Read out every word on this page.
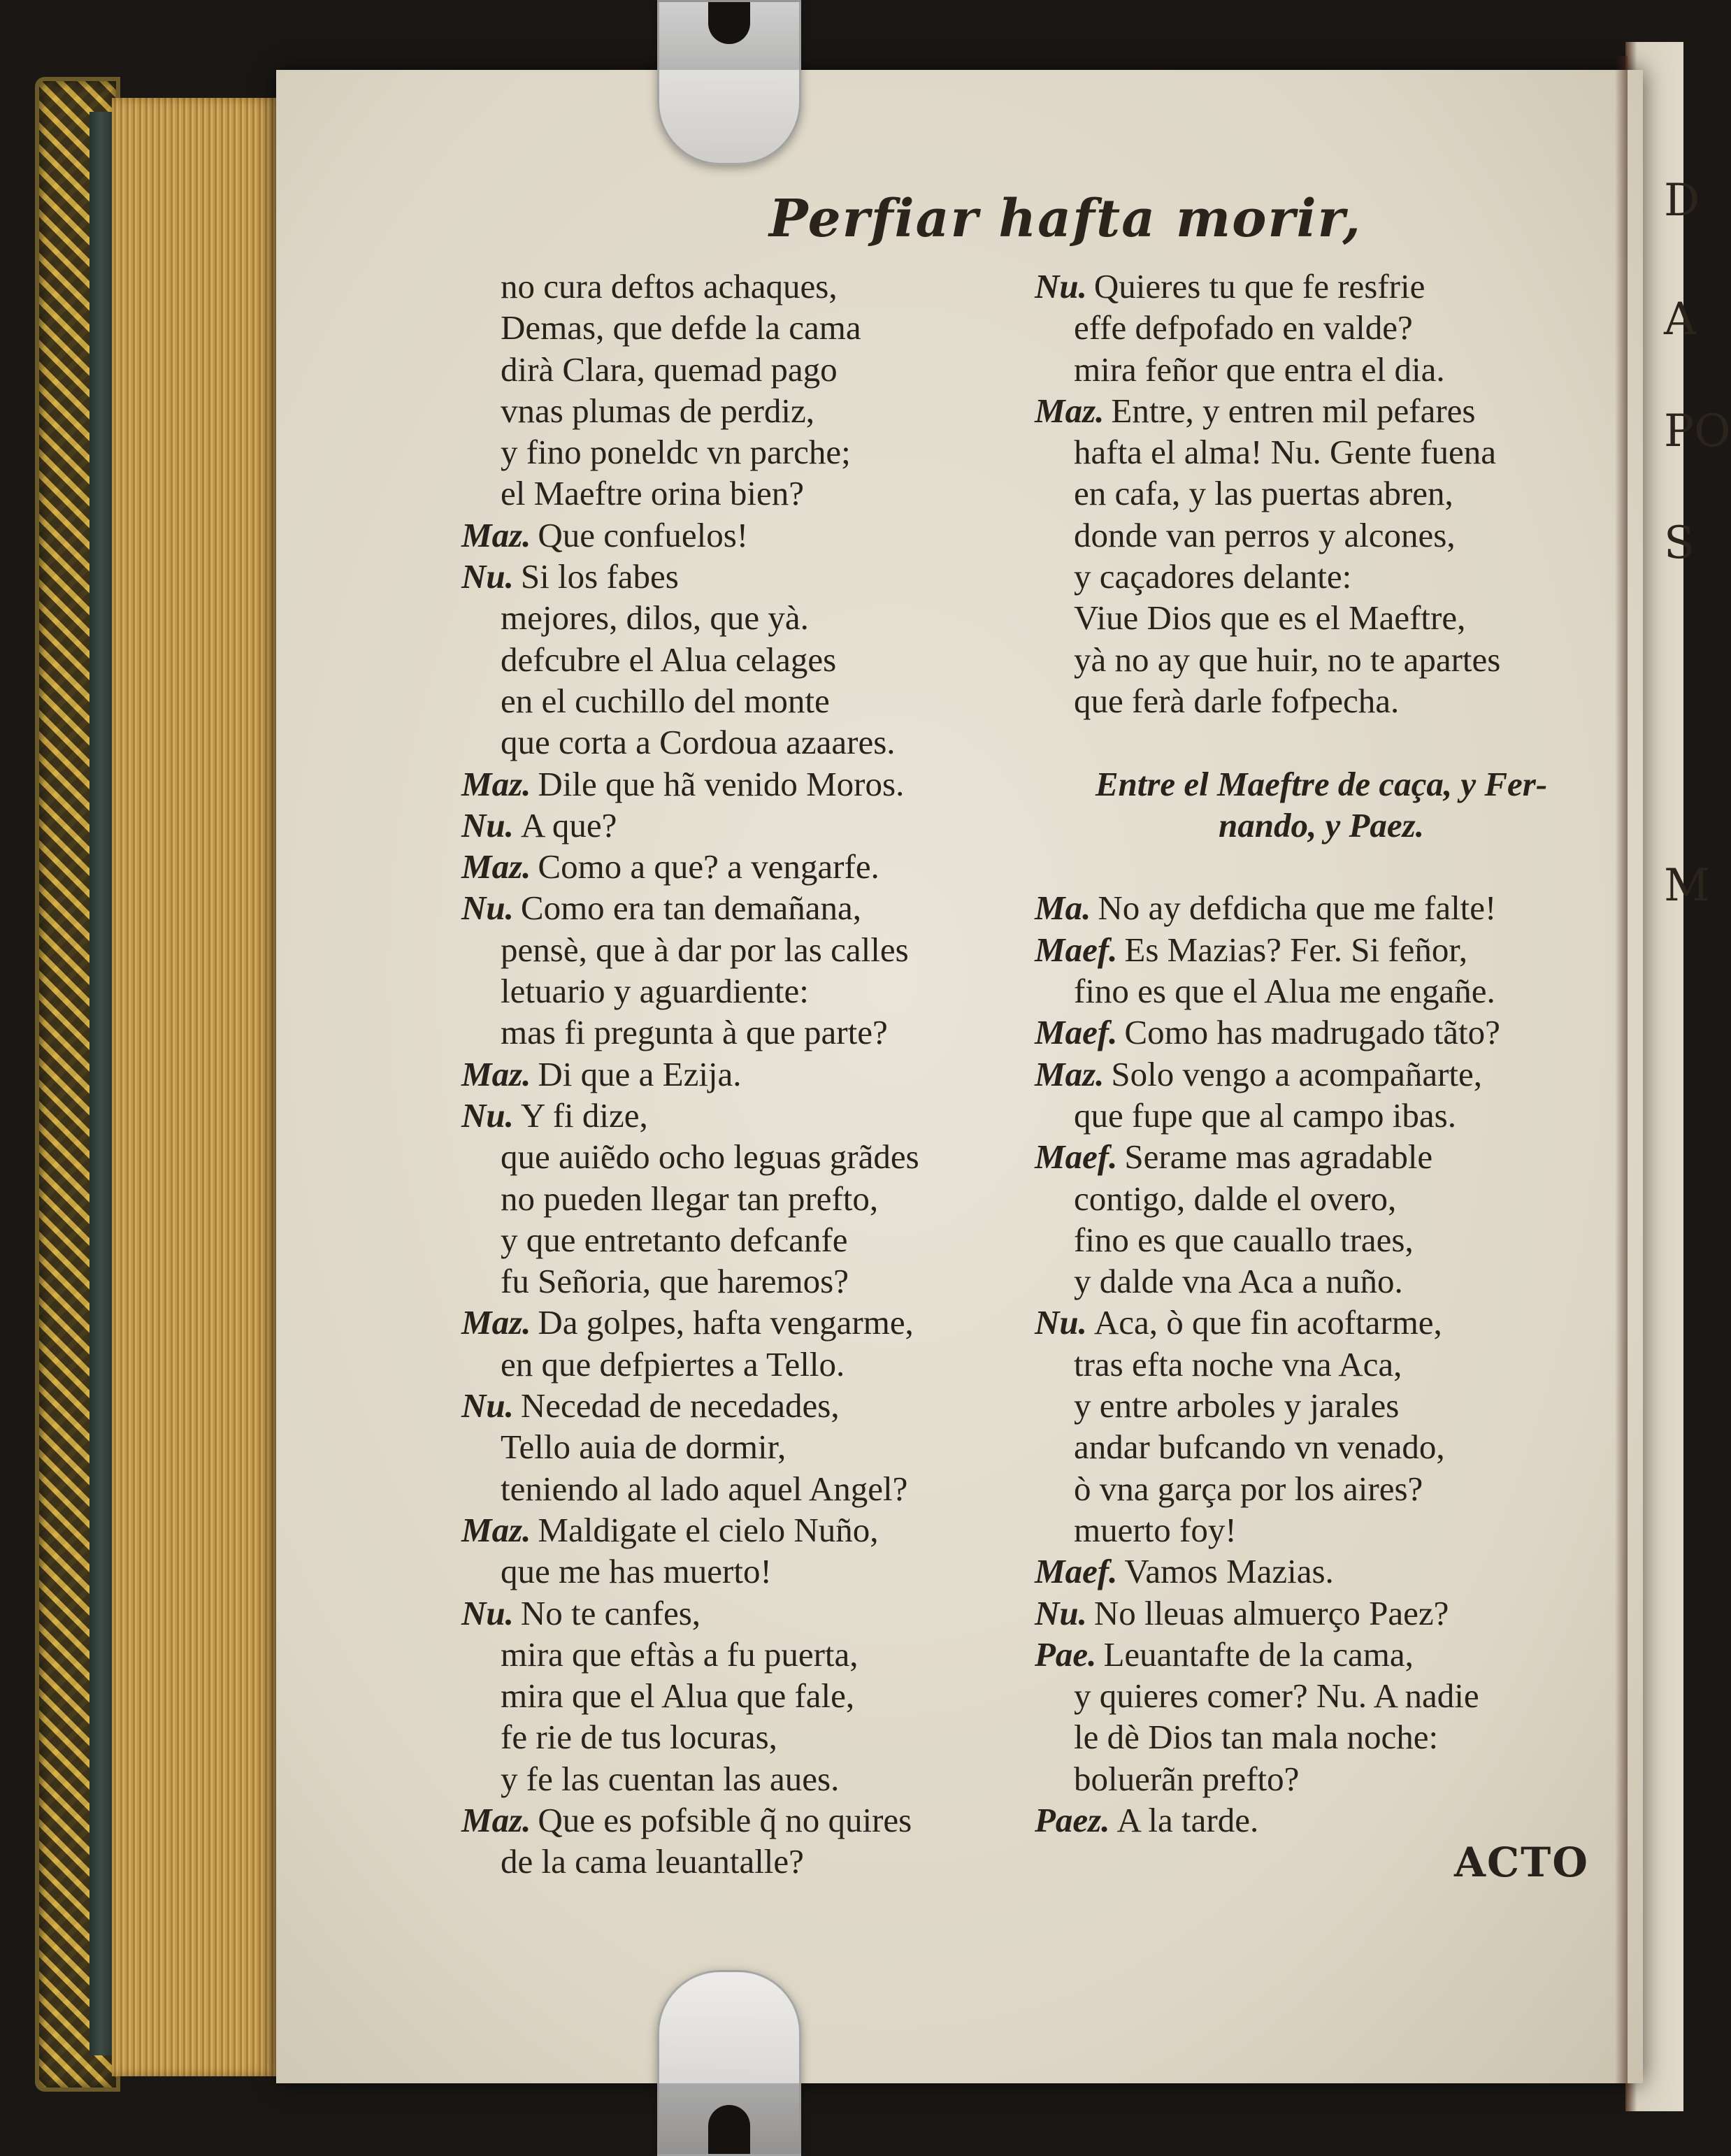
D
A
PO
S
M
Perfiar hafta morir,
no cura deftos achaques,
Demas, que defde la cama
dirà Clara, quemad pago
vnas plumas de perdiz,
y fino poneldc vn parche;
el Maeftre orina bien?
Maz. Que confuelos!
Nu. Si los fabes
mejores, dilos, que yà.
defcubre el Alua celages
en el cuchillo del monte
que corta a Cordoua azaares.
Maz. Dile que hã venido Moros.
Nu. A que?
Maz. Como a que? a vengarfe.
Nu. Como era tan demañana,
pensè, que à dar por las calles
letuario y aguardiente:
mas fi pregunta à que parte?
Maz. Di que a Ezija.
Nu. Y fi dize,
que auiẽdo ocho leguas grãdes
no pueden llegar tan prefto,
y que entretanto defcanfe
fu Señoria, que haremos?
Maz. Da golpes, hafta vengarme,
en que defpiertes a Tello.
Nu. Necedad de necedades,
Tello auia de dormir,
teniendo al lado aquel Angel?
Maz. Maldigate el cielo Nuño,
que me has muerto!
Nu. No te canfes,
mira que eftàs a fu puerta,
mira que el Alua que fale,
fe rie de tus locuras,
y fe las cuentan las aues.
Maz. Que es pofsible q̃ no quires
de la cama leuantalle?
Nu. Quieres tu que fe resfrie
effe defpofado en valde?
mira feñor que entra el dia.
Maz. Entre, y entren mil pefares
hafta el alma! Nu. Gente fuena
en cafa, y las puertas abren,
donde van perros y alcones,
y caçadores delante:
Viue Dios que es el Maeftre,
yà no ay que huir, no te apartes
que ferà darle fofpecha.
Entre el Maeftre de caça, y Fer-
nando, y Paez.
Ma. No ay defdicha que me falte!
Maef. Es Mazias? Fer. Si feñor,
fino es que el Alua me engañe.
Maef. Como has madrugado tãto?
Maz. Solo vengo a acompañarte,
que fupe que al campo ibas.
Maef. Serame mas agradable
contigo, dalde el overo,
fino es que cauallo traes,
y dalde vna Aca a nuño.
Nu. Aca, ò que fin acoftarme,
tras efta noche vna Aca,
y entre arboles y jarales
andar bufcando vn venado,
ò vna garça por los aires?
muerto foy!
Maef. Vamos Mazias.
Nu. No lleuas almuerço Paez?
Pae. Leuantafte de la cama,
y quieres comer? Nu. A nadie
le dè Dios tan mala noche:
boluerãn prefto?
Paez. A la tarde.
ACTO
